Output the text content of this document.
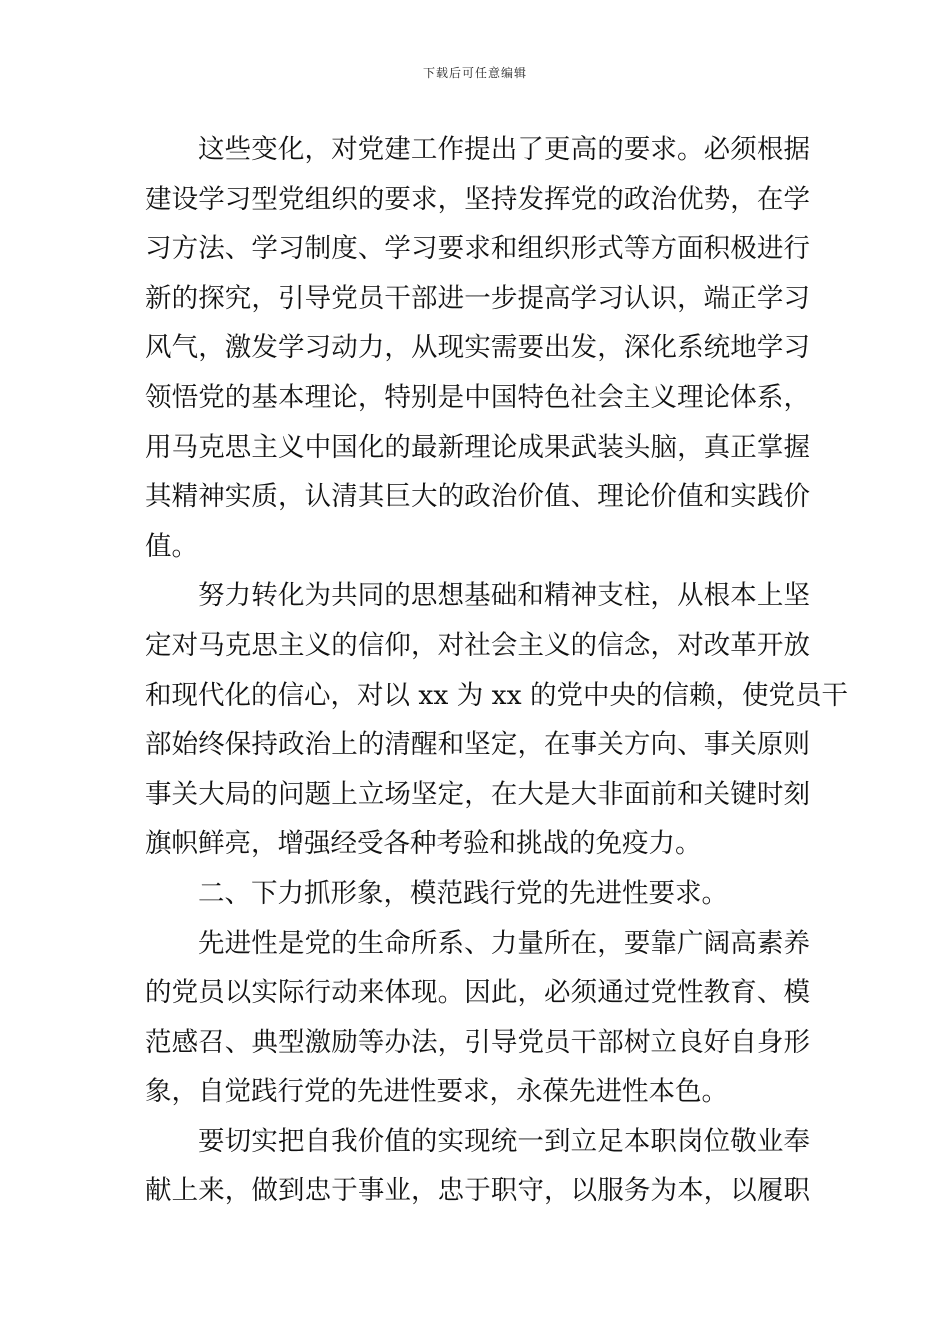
下载后可任意编辑
这些变化，对党建工作提出了更高的要求。必须根据
建设学习型党组织的要求，坚持发挥党的政治优势，在学
习方法、学习制度、学习要求和组织形式等方面积极进行
新的探究，引导党员干部进一步提高学习认识，端正学习
风气，激发学习动力，从现实需要出发，深化系统地学习
领悟党的基本理论，特别是中国特色社会主义理论体系，
用马克思主义中国化的最新理论成果武装头脑，真正掌握
其精神实质，认清其巨大的政治价值、理论价值和实践价
值。
努力转化为共同的思想基础和精神支柱，从根本上坚
定对马克思主义的信仰，对社会主义的信念，对改革开放
和现代化的信心，对以 xx 为 xx 的党中央的信赖，使党员干
部始终保持政治上的清醒和坚定，在事关方向、事关原则
事关大局的问题上立场坚定，在大是大非面前和关键时刻
旗帜鲜亮，增强经受各种考验和挑战的免疫力。
二、下力抓形象，模范践行党的先进性要求。
先进性是党的生命所系、力量所在，要靠广阔高素养
的党员以实际行动来体现。因此，必须通过党性教育、模
范感召、典型激励等办法，引导党员干部树立良好自身形
象，自觉践行党的先进性要求，永葆先进性本色。
要切实把自我价值的实现统一到立足本职岗位敬业奉
献上来，做到忠于事业，忠于职守，以服务为本，以履职
